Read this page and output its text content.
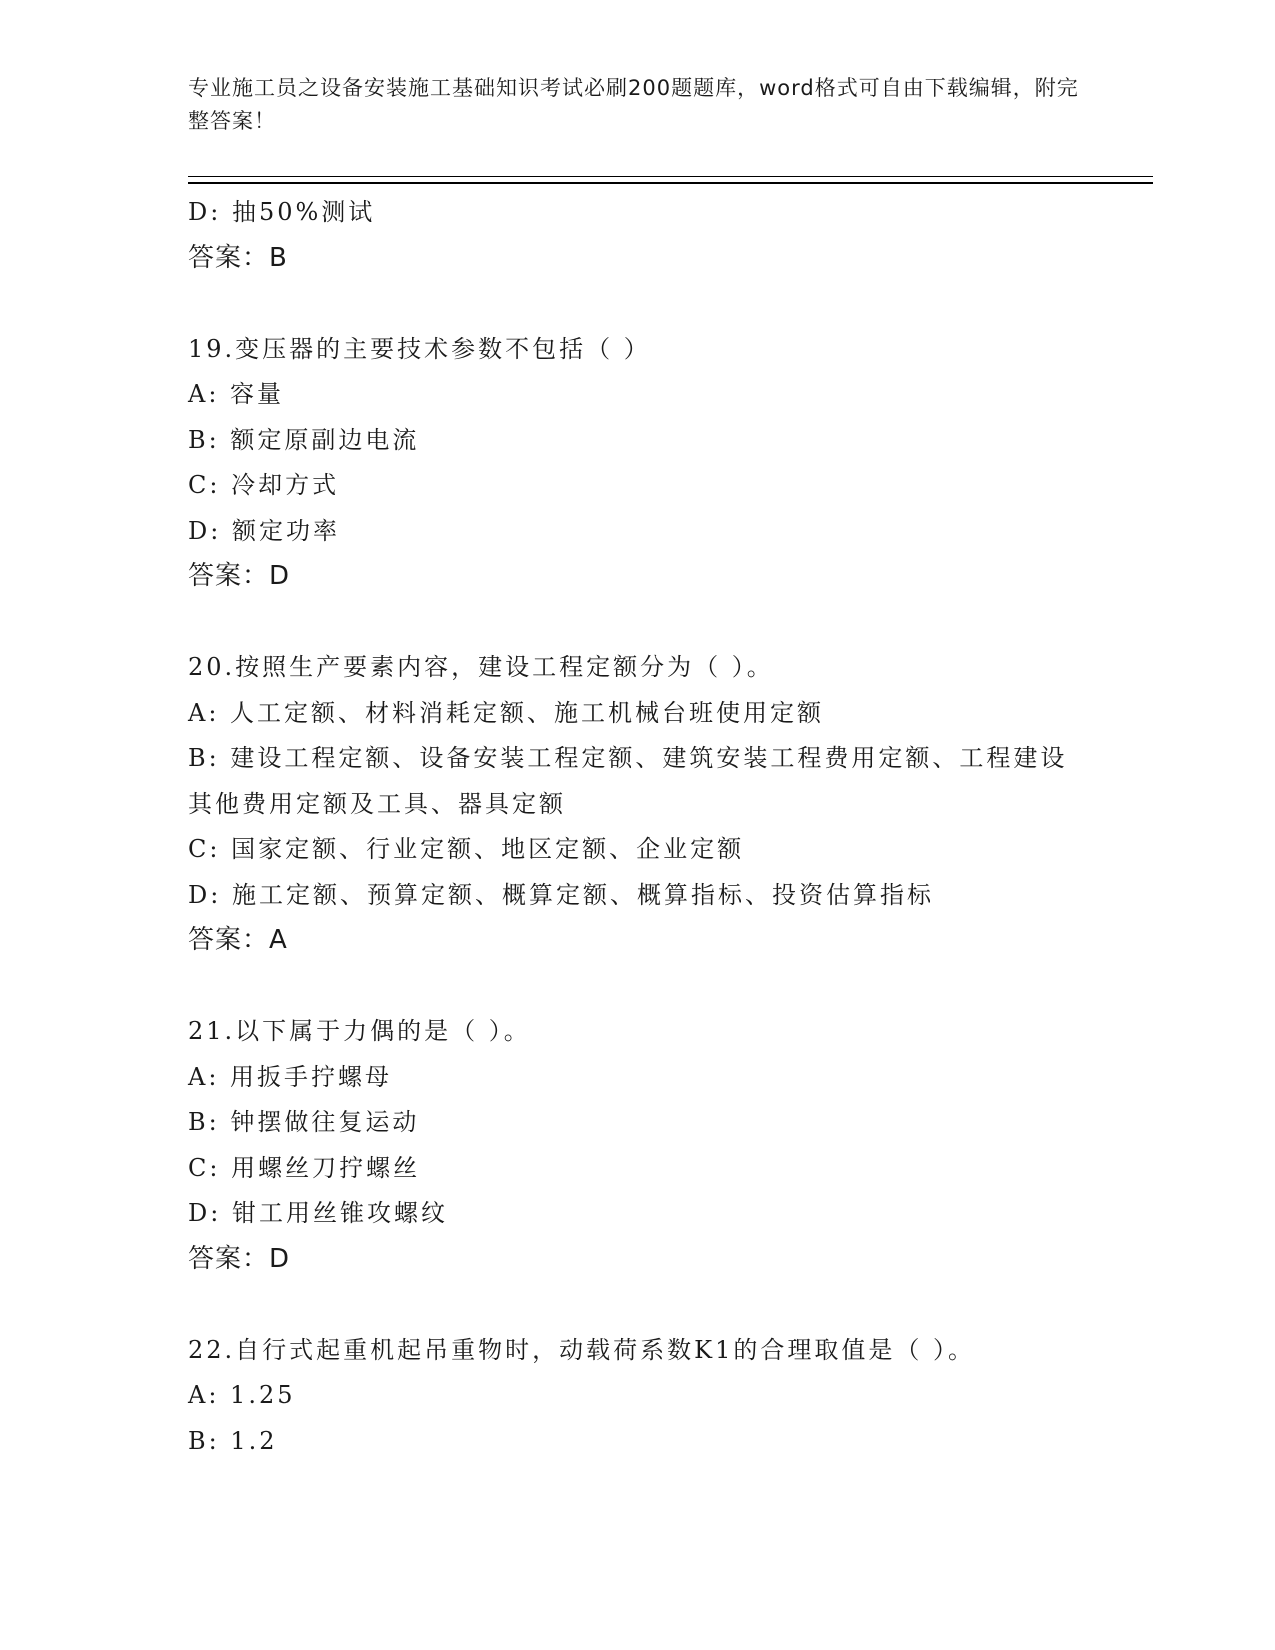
专业施工员之设备安装施工基础知识考试必刷200题题库，word格式可自由下载编辑，附完整答案！
D: 抽50%测试
答案：B
19.变压器的主要技术参数不包括（ ）
A: 容量
B: 额定原副边电流
C: 冷却方式
D: 额定功率
答案：D
20.按照生产要素内容，建设工程定额分为（ ）。
A: 人工定额、材料消耗定额、施工机械台班使用定额
B: 建设工程定额、设备安装工程定额、建筑安装工程费用定额、工程建设其他费用定额及工具、器具定额
C: 国家定额、行业定额、地区定额、企业定额
D: 施工定额、预算定额、概算定额、概算指标、投资估算指标
答案：A
21.以下属于力偶的是（ ）。
A: 用扳手拧螺母
B: 钟摆做往复运动
C: 用螺丝刀拧螺丝
D: 钳工用丝锥攻螺纹
答案：D
22.自行式起重机起吊重物时，动载荷系数K1的合理取值是（ ）。
A: 1.25
B: 1.2
